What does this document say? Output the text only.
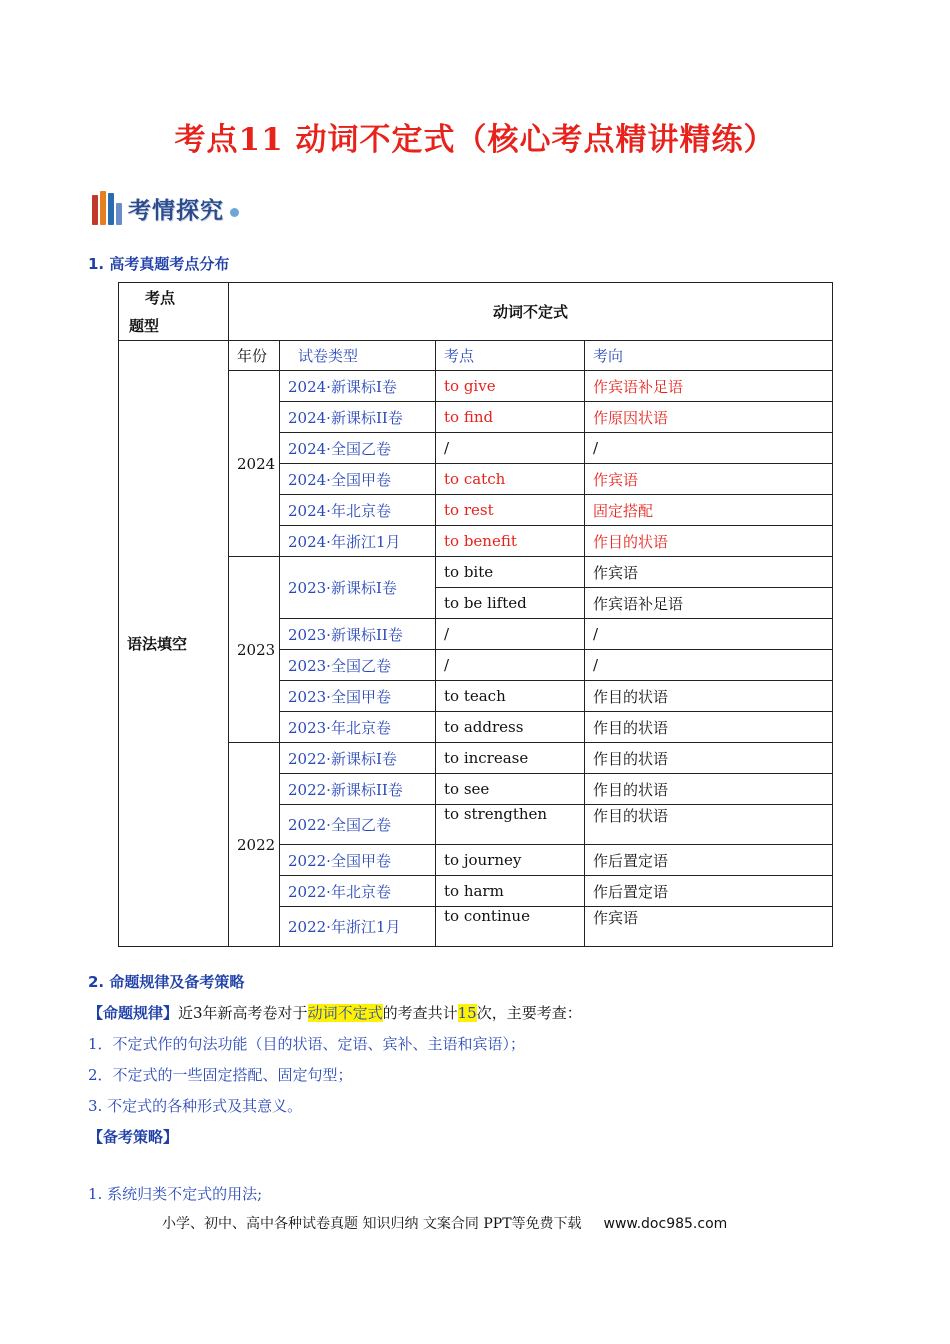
考点11 动词不定式（核心考点精讲精练）
考情探究
1. 高考真题考点分布
考点
题型	动词不定式			
语法填空	年份	试卷类型	考点	考向
	2024	2024·新课标I卷	to give	作宾语补足语
		2024·新课标II卷	to find	作原因状语
		2024·全国乙卷	/	/
		2024·全国甲卷	to catch	作宾语
		2024·年北京卷	to rest	固定搭配
		2024·年浙江1月	to benefit	作目的状语
	2023	2023·新课标I卷	to bite	作宾语
			to be lifted	作宾语补足语
		2023·新课标II卷	/	/
		2023·全国乙卷	/	/
		2023·全国甲卷	to teach	作目的状语
		2023·年北京卷	to address	作目的状语
	2022	2022·新课标I卷	to increase	作目的状语
		2022·新课标II卷	to see	作目的状语
		2022·全国乙卷	to strengthen	作目的状语
		2022·全国甲卷	to journey	作后置定语
		2022·年北京卷	to harm	作后置定语
		2022·年浙江1月	to continue	作宾语
2. 命题规律及备考策略
【命题规律】近3年新高考卷对于动词不定式的考查共计15次，主要考查：
1．不定式作的句法功能（目的状语、定语、宾补、主语和宾语）；
2．不定式的一些固定搭配、固定句型；
3. 不定式的各种形式及其意义。
【备考策略】
1. 系统归类不定式的用法;
小学、初中、高中各种试卷真题 知识归纳 文案合同 PPT等免费下载 www.doc985.com
